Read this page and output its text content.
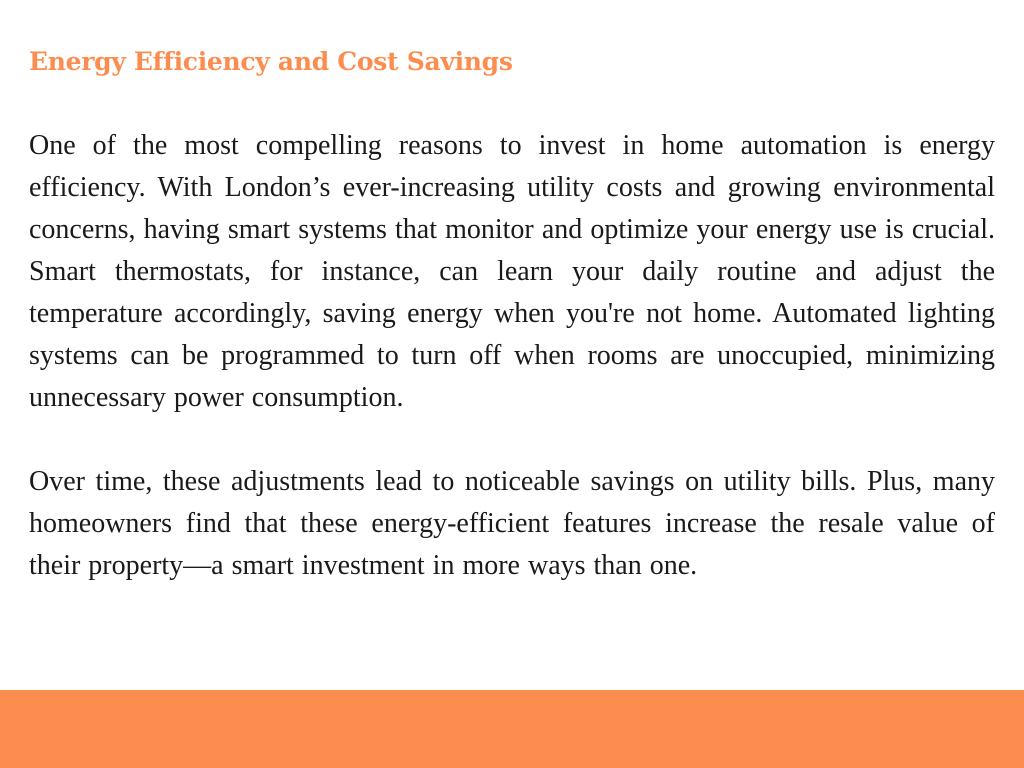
Energy Efficiency and Cost Savings

One of the most compelling reasons to invest in home automation is energy efficiency. With London’s ever-increasing utility costs and growing environmental concerns, having smart systems that monitor and optimize your energy use is crucial. Smart thermostats, for instance, can learn your daily routine and adjust the temperature accordingly, saving energy when you're not home. Automated lighting systems can be programmed to turn off when rooms are unoccupied, minimizing unnecessary power consumption.

Over time, these adjustments lead to noticeable savings on utility bills. Plus, many homeowners find that these energy-efficient features increase the resale value of their property—a smart investment in more ways than one.
